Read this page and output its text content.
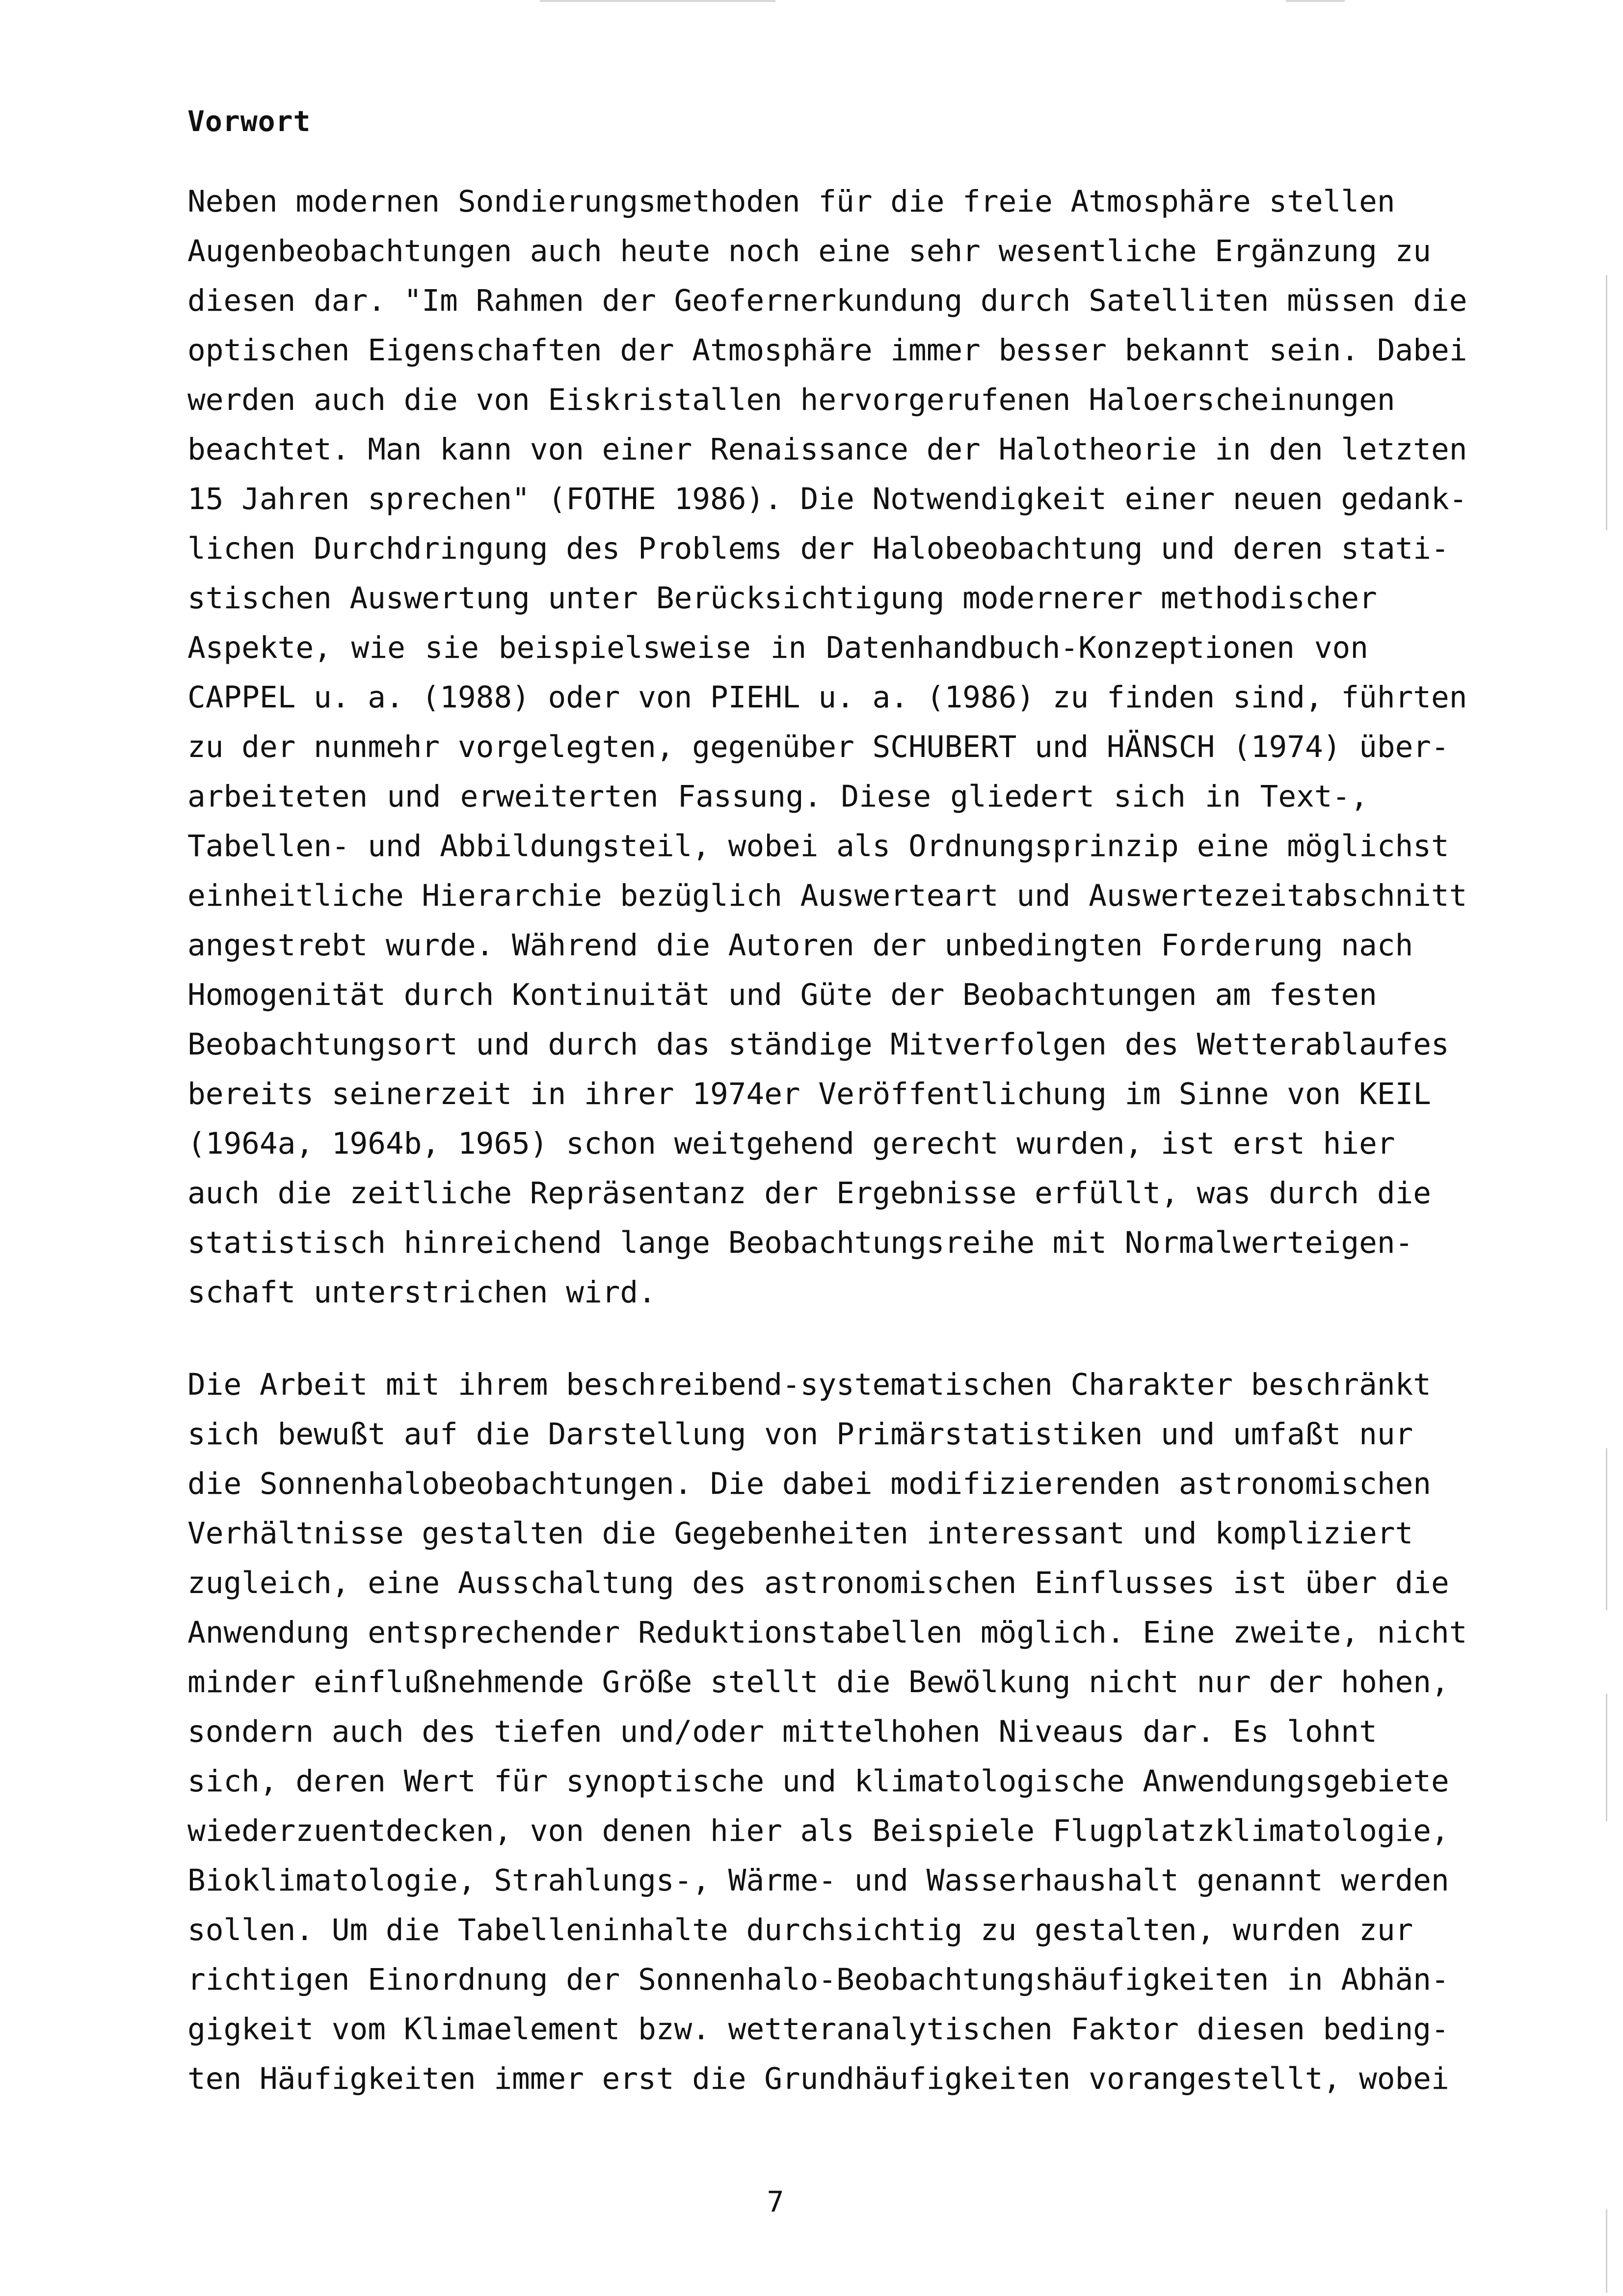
Vorwort
Neben modernen Sondierungsmethoden für die freie Atmosphäre stellen
Augenbeobachtungen auch heute noch eine sehr wesentliche Ergänzung zu
diesen dar. "Im Rahmen der Geofernerkundung durch Satelliten müssen die
optischen Eigenschaften der Atmosphäre immer besser bekannt sein. Dabei
werden auch die von Eiskristallen hervorgerufenen Haloerscheinungen
beachtet. Man kann von einer Renaissance der Halotheorie in den letzten
15 Jahren sprechen" (FOTHE 1986). Die Notwendigkeit einer neuen gedank-
lichen Durchdringung des Problems der Halobeobachtung und deren stati-
stischen Auswertung unter Berücksichtigung modernerer methodischer
Aspekte, wie sie beispielsweise in Datenhandbuch-Konzeptionen von
CAPPEL u. a. (1988) oder von PIEHL u. a. (1986) zu finden sind, führten
zu der nunmehr vorgelegten, gegenüber SCHUBERT und HÄNSCH (1974) über-
arbeiteten und erweiterten Fassung. Diese gliedert sich in Text-,
Tabellen- und Abbildungsteil, wobei als Ordnungsprinzip eine möglichst
einheitliche Hierarchie bezüglich Auswerteart und Auswertezeitabschnitt
angestrebt wurde. Während die Autoren der unbedingten Forderung nach
Homogenität durch Kontinuität und Güte der Beobachtungen am festen
Beobachtungsort und durch das ständige Mitverfolgen des Wetterablaufes
bereits seinerzeit in ihrer 1974er Veröffentlichung im Sinne von KEIL
(1964a, 1964b, 1965) schon weitgehend gerecht wurden, ist erst hier
auch die zeitliche Repräsentanz der Ergebnisse erfüllt, was durch die
statistisch hinreichend lange Beobachtungsreihe mit Normalwerteigen-
schaft unterstrichen wird.
Die Arbeit mit ihrem beschreibend-systematischen Charakter beschränkt
sich bewußt auf die Darstellung von Primärstatistiken und umfaßt nur
die Sonnenhalobeobachtungen. Die dabei modifizierenden astronomischen
Verhältnisse gestalten die Gegebenheiten interessant und kompliziert
zugleich, eine Ausschaltung des astronomischen Einflusses ist über die
Anwendung entsprechender Reduktionstabellen möglich. Eine zweite, nicht
minder einflußnehmende Größe stellt die Bewölkung nicht nur der hohen,
sondern auch des tiefen und/oder mittelhohen Niveaus dar. Es lohnt
sich, deren Wert für synoptische und klimatologische Anwendungsgebiete
wiederzuentdecken, von denen hier als Beispiele Flugplatzklimatologie,
Bioklimatologie, Strahlungs-, Wärme- und Wasserhaushalt genannt werden
sollen. Um die Tabelleninhalte durchsichtig zu gestalten, wurden zur
richtigen Einordnung der Sonnenhalo-Beobachtungshäufigkeiten in Abhän-
gigkeit vom Klimaelement bzw. wetteranalytischen Faktor diesen beding-
ten Häufigkeiten immer erst die Grundhäufigkeiten vorangestellt, wobei
7
